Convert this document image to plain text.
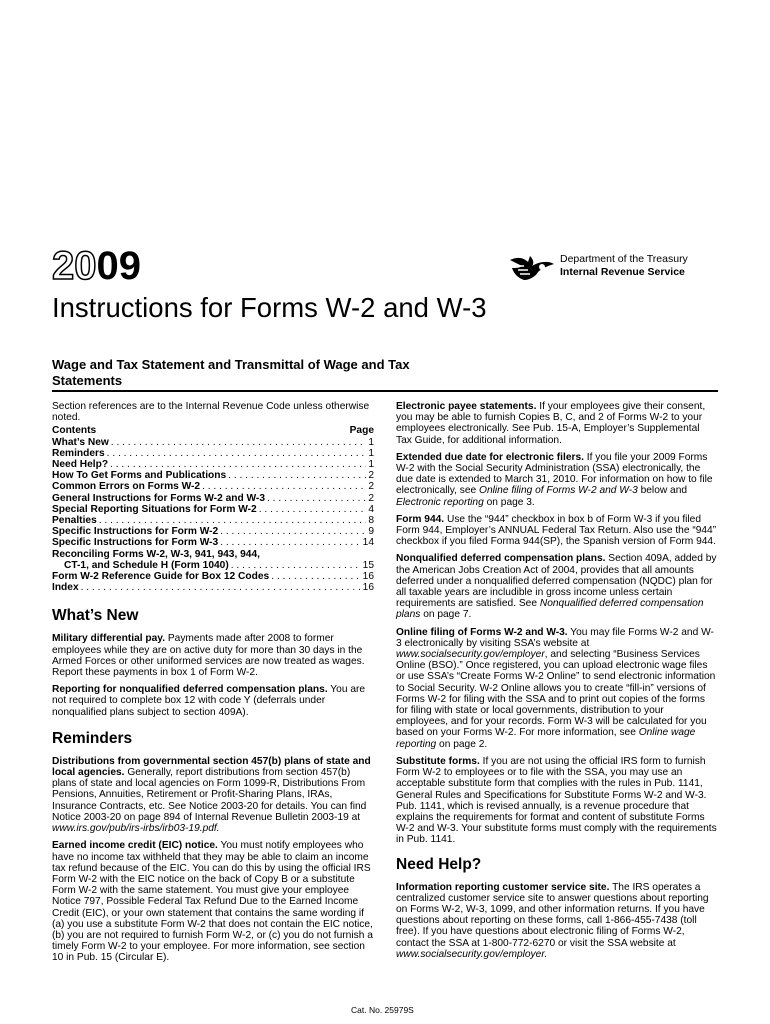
2009	Department of the Treasury
Internal Revenue Service
Instructions for Forms W-2 and W-3
Wage and Tax Statement and Transmittal of Wage and Tax Statements

Section references are to the Internal Revenue Code unless otherwise noted.

Contents	Page
What’s New . . .	1
Reminders . . .	1
Need Help? . . .	1
How To Get Forms and Publications . . .	2
Common Errors on Forms W-2 . . .	2
General Instructions for Forms W-2 and W-3 . . .	2
Special Reporting Situations for Form W-2 . . .	4
Penalties . . .	8
Specific Instructions for Form W-2 . . .	9
Specific Instructions for Form W-3 . . .	14
Reconciling Forms W-2, W-3, 941, 943, 944,
CT-1, and Schedule H (Form 1040) . . .	15
Form W-2 Reference Guide for Box 12 Codes . . .	16
Index . . .	16
What’s New

Military differential pay. Payments made after 2008 to former employees while they are on active duty for more than 30 days in the Armed Forces or other uniformed services are now treated as wages. Report these payments in box 1 of Form W-2.

Reporting for nonqualified deferred compensation plans. You are not required to complete box 12 with code Y (deferrals under nonqualified plans subject to section 409A).

Reminders

Distributions from governmental section 457(b) plans of state and local agencies. Generally, report distributions from section 457(b) plans of state and local agencies on Form 1099-R, Distributions From Pensions, Annuities, Retirement or Profit-Sharing Plans, IRAs, Insurance Contracts, etc. See Notice 2003-20 for details. You can find Notice 2003-20 on page 894 of Internal Revenue Bulletin 2003-19 at www.irs.gov/pub/irs-irbs/irb03-19.pdf.

Earned income credit (EIC) notice. You must notify employees who have no income tax withheld that they may be able to claim an income tax refund because of the EIC. You can do this by using the official IRS Form W-2 with the EIC notice on the back of Copy B or a substitute Form W-2 with the same statement. You must give your employee Notice 797, Possible Federal Tax Refund Due to the Earned Income Credit (EIC), or your own statement that contains the same wording if (a) you use a substitute Form W-2 that does not contain the EIC notice, (b) you are not required to furnish Form W-2, or (c) you do not furnish a timely Form W-2 to your employee. For more information, see section 10 in Pub. 15 (Circular E).

Electronic payee statements. If your employees give their consent, you may be able to furnish Copies B, C, and 2 of Forms W-2 to your employees electronically. See Pub. 15-A, Employer’s Supplemental Tax Guide, for additional information.

Extended due date for electronic filers. If you file your 2009 Forms W-2 with the Social Security Administration (SSA) electronically, the due date is extended to March 31, 2010. For information on how to file electronically, see Online filing of Forms W-2 and W-3 below and Electronic reporting on page 3.

Form 944. Use the “944” checkbox in box b of Form W-3 if you filed Form 944, Employer’s ANNUAL Federal Tax Return. Also use the “944” checkbox if you filed Forma 944(SP), the Spanish version of Form 944.

Nonqualified deferred compensation plans. Section 409A, added by the American Jobs Creation Act of 2004, provides that all amounts deferred under a nonqualified deferred compensation (NQDC) plan for all taxable years are includible in gross income unless certain requirements are satisfied. See Nonqualified deferred compensation plans on page 7.

Online filing of Forms W-2 and W-3. You may file Forms W-2 and W-3 electronically by visiting SSA’s website at www.socialsecurity.gov/employer, and selecting “Business Services Online (BSO).” Once registered, you can upload electronic wage files or use SSA’s “Create Forms W-2 Online” to send electronic information to Social Security. W-2 Online allows you to create “fill-in” versions of Forms W-2 for filing with the SSA and to print out copies of the forms for filing with state or local governments, distribution to your employees, and for your records. Form W-3 will be calculated for you based on your Forms W-2. For more information, see Online wage reporting on page 2.

Substitute forms. If you are not using the official IRS form to furnish Form W-2 to employees or to file with the SSA, you may use an acceptable substitute form that complies with the rules in Pub. 1141, General Rules and Specifications for Substitute Forms W-2 and W-3. Pub. 1141, which is revised annually, is a revenue procedure that explains the requirements for format and content of substitute Forms W-2 and W-3. Your substitute forms must comply with the requirements in Pub. 1141.

Need Help?

Information reporting customer service site. The IRS operates a centralized customer service site to answer questions about reporting on Forms W-2, W-3, 1099, and other information returns. If you have questions about reporting on these forms, call 1-866-455-7438 (toll free). If you have questions about electronic filing of Forms W-2, contact the SSA at 1-800-772-6270 or visit the SSA website at www.socialsecurity.gov/employer.

Cat. No. 25979S
